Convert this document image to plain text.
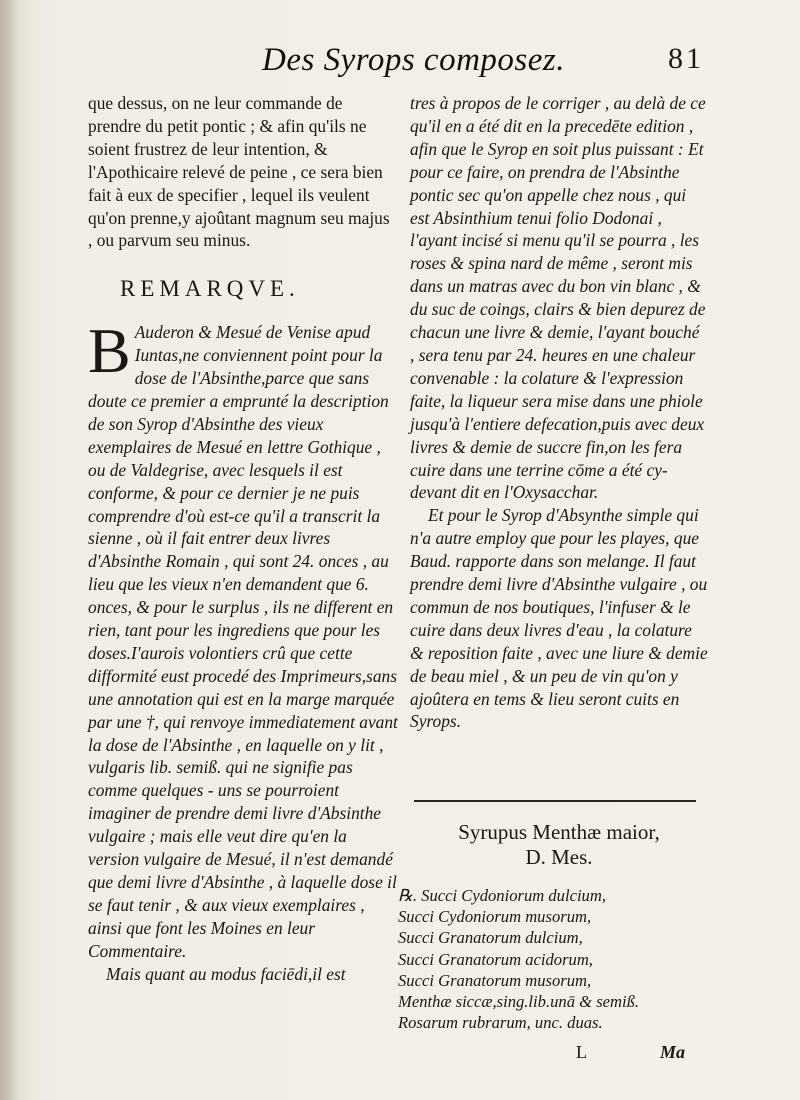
Des Syrops composez.	81

que dessus, on ne leur commande de prendre du petit pontic ; & afin qu'ils ne soient frustrez de leur intention, & l'Apothicaire relevé de peine , ce sera bien fait à eux de specifier , lequel ils veulent qu'on prenne,y ajoûtant magnum seu majus , ou parvum seu minus.

REMARQVE.

B Auderon & Mesué de Venise apud Iuntas,ne conviennent point pour la dose de l'Absinthe,parce que sans doute ce premier a emprunté la description de son Syrop d'Absinthe des vieux exemplaires de Mesué en lettre Gothique , ou de Valdegrise, avec lesquels il est conforme, & pour ce dernier je ne puis comprendre d'où est-ce qu'il a transcrit la sienne , où il fait entrer deux livres d'Absinthe Romain , qui sont 24. onces , au lieu que les vieux n'en demandent que 6. onces, & pour le surplus , ils ne different en rien, tant pour les ingrediens que pour les doses.I'aurois volontiers crû que cette difformité eust procedé des Imprimeurs,sans une annotation qui est en la marge marquée par une †, qui renvoye immediatement avant la dose de l'Absinthe , en laquelle on y lit , vulgaris lib. semiß. qui ne signifie pas comme quelques - uns se pourroient imaginer de prendre demi livre d'Absinthe vulgaire ; mais elle veut dire qu'en la version vulgaire de Mesué, il n'est demandé que demi livre d'Absinthe , à laquelle dose il se faut tenir , & aux vieux exemplaires , ainsi que font les Moines en leur Commentaire.

Mais quant au modus faciēdi,il est

tres à propos de le corriger , au delà de ce qu'il en a été dit en la precedēte edition , afin que le Syrop en soit plus puissant : Et pour ce faire, on prendra de l'Absinthe pontic sec qu'on appelle chez nous , qui est Absinthium tenui folio Dodonai , l'ayant incisé si menu qu'il se pourra , les roses & spina nard de même , seront mis dans un matras avec du bon vin blanc , & du suc de coings, clairs & bien depurez de chacun une livre & demie, l'ayant bouché , sera tenu par 24. heures en une chaleur convenable : la colature & l'expression faite, la liqueur sera mise dans une phiole jusqu'à l'entiere defecation,puis avec deux livres & demie de succre fin,on les fera cuire dans une terrine cōme a été cy-devant dit en l'Oxysacchar.

Et pour le Syrop d'Absynthe simple qui n'a autre employ que pour les playes, que Baud. rapporte dans son melange. Il faut prendre demi livre d'Absinthe vulgaire , ou commun de nos boutiques, l'infuser & le cuire dans deux livres d'eau , la colature & reposition faite , avec une liure & demie de beau miel , & un peu de vin qu'on y ajoûtera en tems & lieu seront cuits en Syrops.

Syrupus Menthæ maior,
D. Mes.
℞. Succi Cydoniorum dulcium,
Succi Cydoniorum musorum,
Succi Granatorum dulcium,
Succi Granatorum acidorum,
Succi Granatorum musorum,
Menthæ siccæ,sing.lib.unā & semiß.
Rosarum rubrarum, unc. duas.
L	Ma
